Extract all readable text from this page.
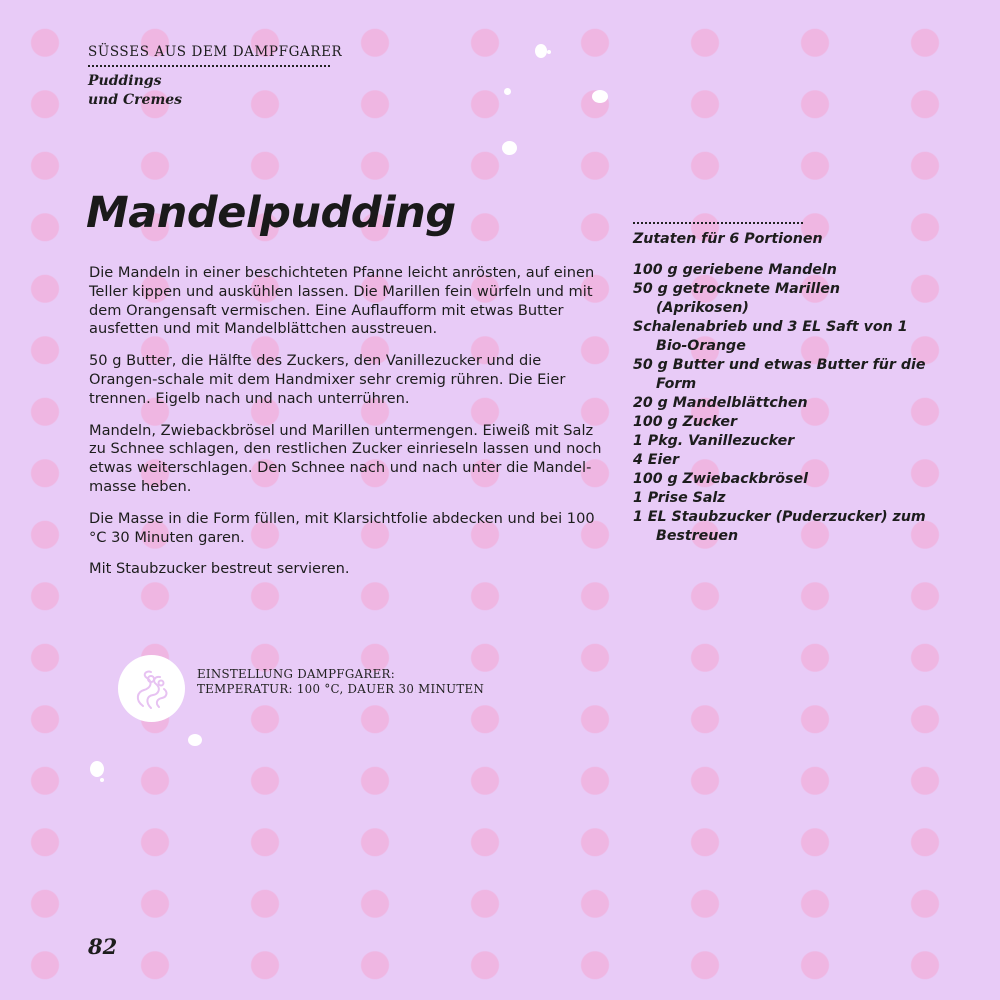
SÜSSES AUS DEM DAMPFGARER
Puddings
und Cremes
Mandelpudding

Die Mandeln in einer beschichteten Pfanne leicht anrösten, auf einen Teller kippen und auskühlen lassen. Die Marillen fein würfeln und mit dem Orangensaft vermischen. Eine Auflaufform mit etwas Butter ausfetten und mit Mandelblättchen ausstreuen.

50 g Butter, die Hälfte des Zuckers, den Vanillezucker und die Orangen-schale mit dem Handmixer sehr cremig rühren. Die Eier trennen. Eigelb nach und nach unterrühren.

Mandeln, Zwiebackbrösel und Marillen untermengen. Eiweiß mit Salz zu Schnee schlagen, den restlichen Zucker einrieseln lassen und noch etwas weiterschlagen. Den Schnee nach und nach unter die Mandel-masse heben.

Die Masse in die Form füllen, mit Klarsichtfolie abdecken und bei 100 °C 30 Minuten garen.

Mit Staubzucker bestreut servieren.

Zutaten für 6 Portionen
100 g geriebene Mandeln
50 g getrocknete Marillen (Aprikosen)
Schalenabrieb und 3 EL Saft von 1 Bio-Orange
50 g Butter und etwas Butter für die Form
20 g Mandelblättchen
100 g Zucker
1 Pkg. Vanillezucker
4 Eier
100 g Zwiebackbrösel
1 Prise Salz
1 EL Staubzucker (Puderzucker) zum Bestreuen
EINSTELLUNG DAMPFGARER:
TEMPERATUR: 100 °C, DAUER 30 MINUTEN
82
